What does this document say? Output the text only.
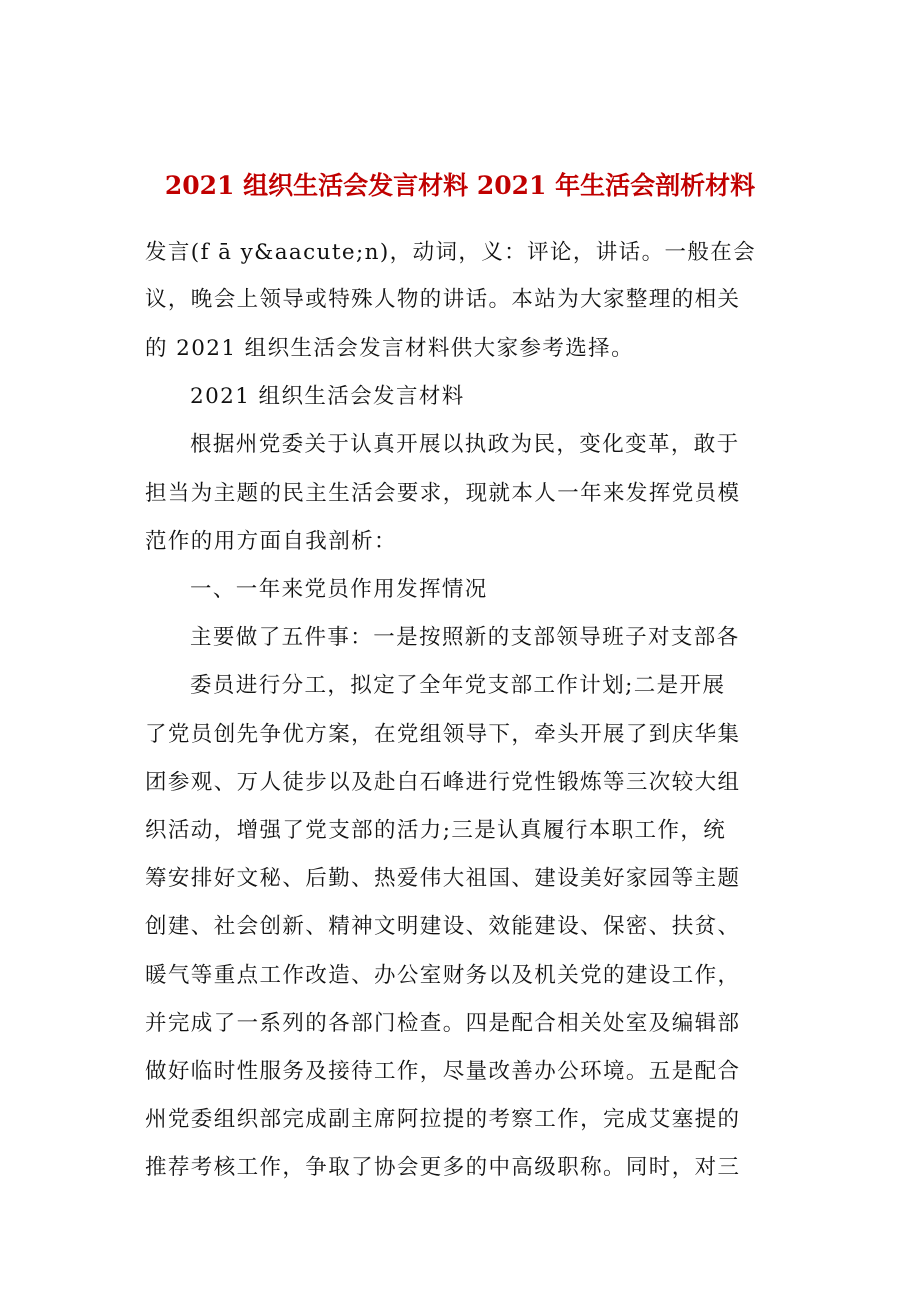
2021 组织生活会发言材料 2021 年生活会剖析材料
发言(f ā y&aacute;n)，动词，义：评论，讲话。一般在会
议，晚会上领导或特殊人物的讲话。本站为大家整理的相关
的 2021 组织生活会发言材料供大家参考选择。
2021 组织生活会发言材料
根据州党委关于认真开展以执政为民，变化变革，敢于
担当为主题的民主生活会要求，现就本人一年来发挥党员模
范作的用方面自我剖析：
一、一年来党员作用发挥情况
主要做了五件事：一是按照新的支部领导班子对支部各
委员进行分工，拟定了全年党支部工作计划;二是开展
了党员创先争优方案，在党组领导下，牵头开展了到庆华集
团参观、万人徒步以及赴白石峰进行党性锻炼等三次较大组
织活动，增强了党支部的活力;三是认真履行本职工作，统
筹安排好文秘、后勤、热爱伟大祖国、建设美好家园等主题
创建、社会创新、精神文明建设、效能建设、保密、扶贫、
暖气等重点工作改造、办公室财务以及机关党的建设工作，
并完成了一系列的各部门检查。四是配合相关处室及编辑部
做好临时性服务及接待工作，尽量改善办公环境。五是配合
州党委组织部完成副主席阿拉提的考察工作，完成艾塞提的
推荐考核工作，争取了协会更多的中高级职称。同时，对三
